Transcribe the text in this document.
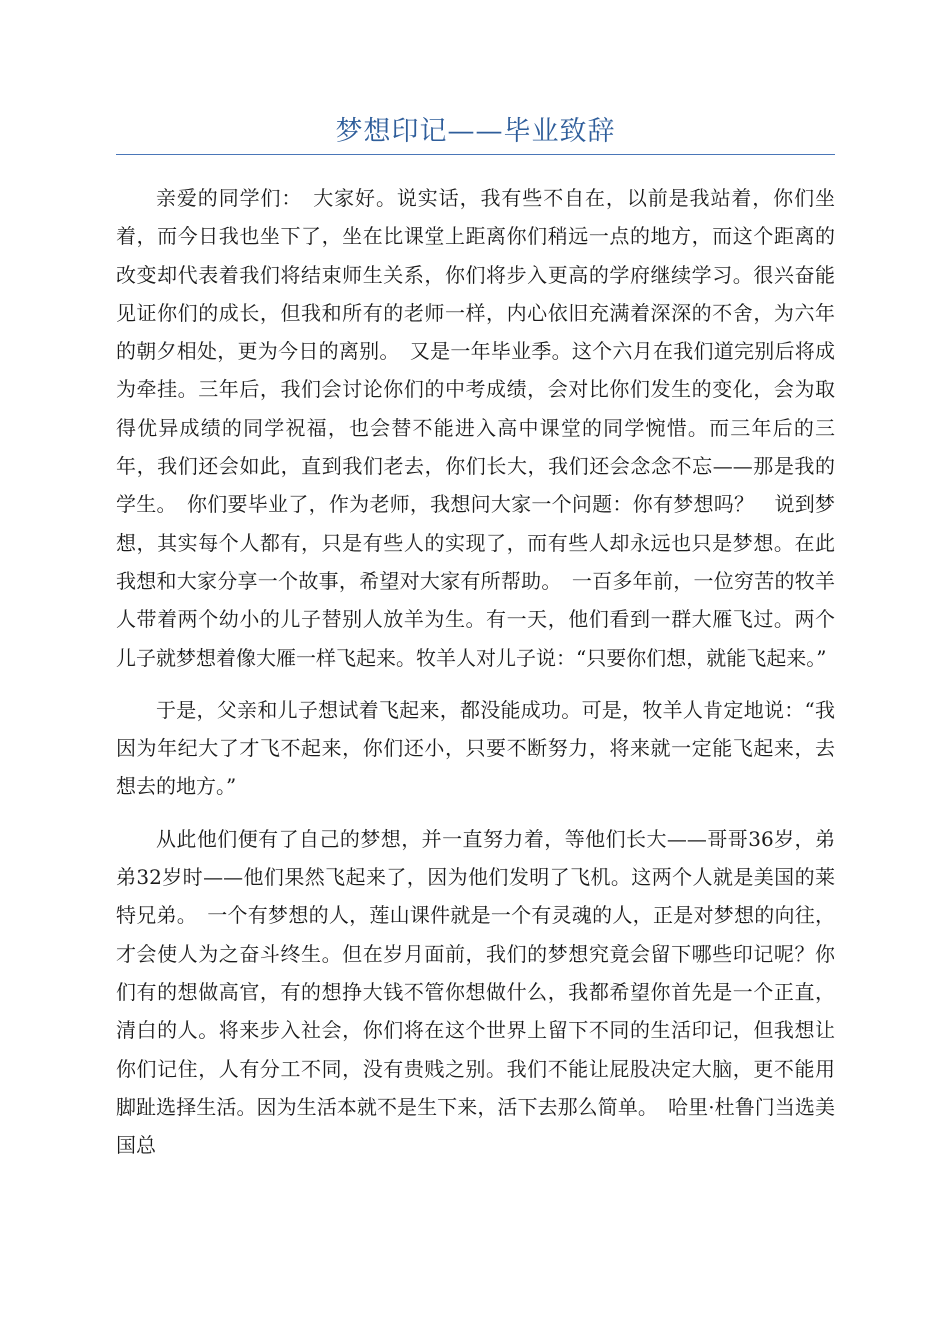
梦想印记——毕业致辞

亲爱的同学们：　大家好。说实话，我有些不自在，以前是我站着，你们坐着，而今日我也坐下了，坐在比课堂上距离你们稍远一点的地方，而这个距离的改变却代表着我们将结束师生关系，你们将步入更高的学府继续学习。很兴奋能见证你们的成长，但我和所有的老师一样，内心依旧充满着深深的不舍，为六年的朝夕相处，更为今日的离别。　又是一年毕业季。这个六月在我们道完别后将成为牵挂。三年后，我们会讨论你们的中考成绩，会对比你们发生的变化，会为取得优异成绩的同学祝福，也会替不能进入高中课堂的同学惋惜。而三年后的三年，我们还会如此，直到我们老去，你们长大，我们还会念念不忘——那是我的学生。　你们要毕业了，作为老师，我想问大家一个问题：你有梦想吗？　说到梦想，其实每个人都有，只是有些人的实现了，而有些人却永远也只是梦想。在此我想和大家分享一个故事，希望对大家有所帮助。　一百多年前，一位穷苦的牧羊人带着两个幼小的儿子替别人放羊为生。有一天，他们看到一群大雁飞过。两个儿子就梦想着像大雁一样飞起来。牧羊人对儿子说：“只要你们想，就能飞起来。”

于是，父亲和儿子想试着飞起来，都没能成功。可是，牧羊人肯定地说：“我因为年纪大了才飞不起来，你们还小，只要不断努力，将来就一定能飞起来，去想去的地方。”

从此他们便有了自己的梦想，并一直努力着，等他们长大——哥哥36岁，弟弟32岁时——他们果然飞起来了，因为他们发明了飞机。这两个人就是美国的莱特兄弟。　一个有梦想的人，莲山课件就是一个有灵魂的人，正是对梦想的向往，才会使人为之奋斗终生。但在岁月面前，我们的梦想究竟会留下哪些印记呢？你们有的想做高官，有的想挣大钱不管你想做什么，我都希望你首先是一个正直，清白的人。将来步入社会，你们将在这个世界上留下不同的生活印记，但我想让你们记住，人有分工不同，没有贵贱之别。我们不能让屁股决定大脑，更不能用脚趾选择生活。因为生活本就不是生下来，活下去那么简单。　哈里·杜鲁门当选美国总
